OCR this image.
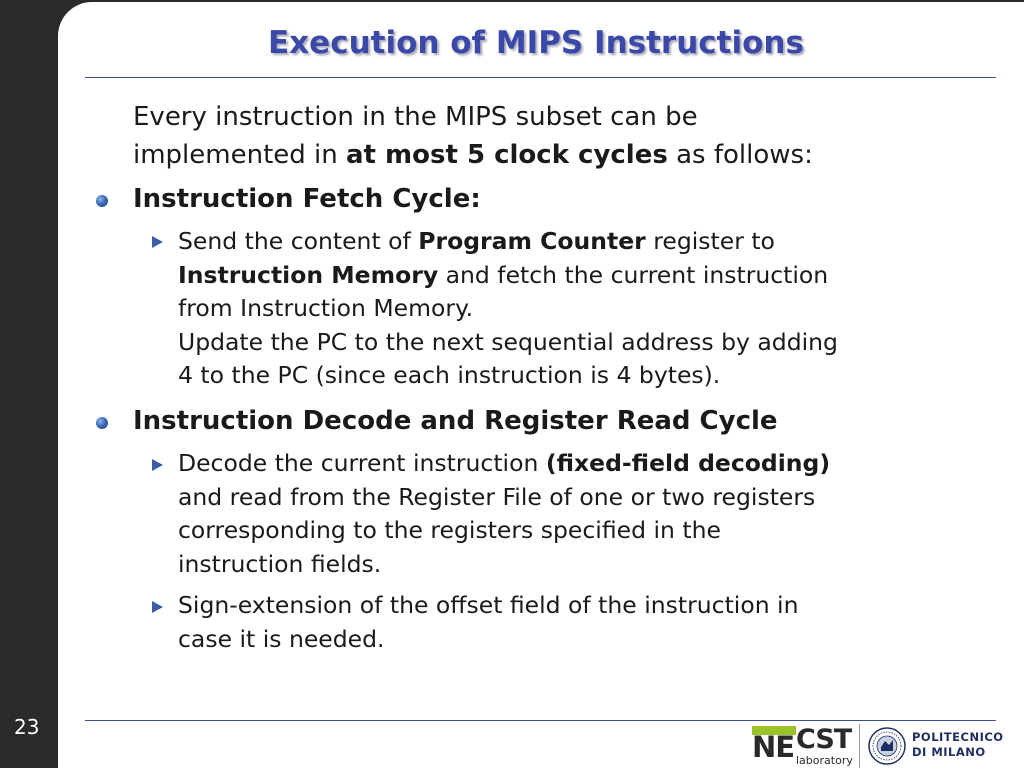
23
Execution of MIPS Instructions
Every instruction in the MIPS subset can be
implemented in at most 5 clock cycles as follows:
Instruction Fetch Cycle:
Send the content of Program Counter register to
Instruction Memory and fetch the current instruction
from Instruction Memory.
Update the PC to the next sequential address by adding
4 to the PC (since each instruction is 4 bytes).
Instruction Decode and Register Read Cycle
Decode the current instruction (fixed-field decoding)
and read from the Register File of one or two registers
corresponding to the registers specified in the
instruction fields.
Sign-extension of the offset field of the instruction in
case it is needed.
NE CST
laboratory
POLITECNICO
DI MILANO
